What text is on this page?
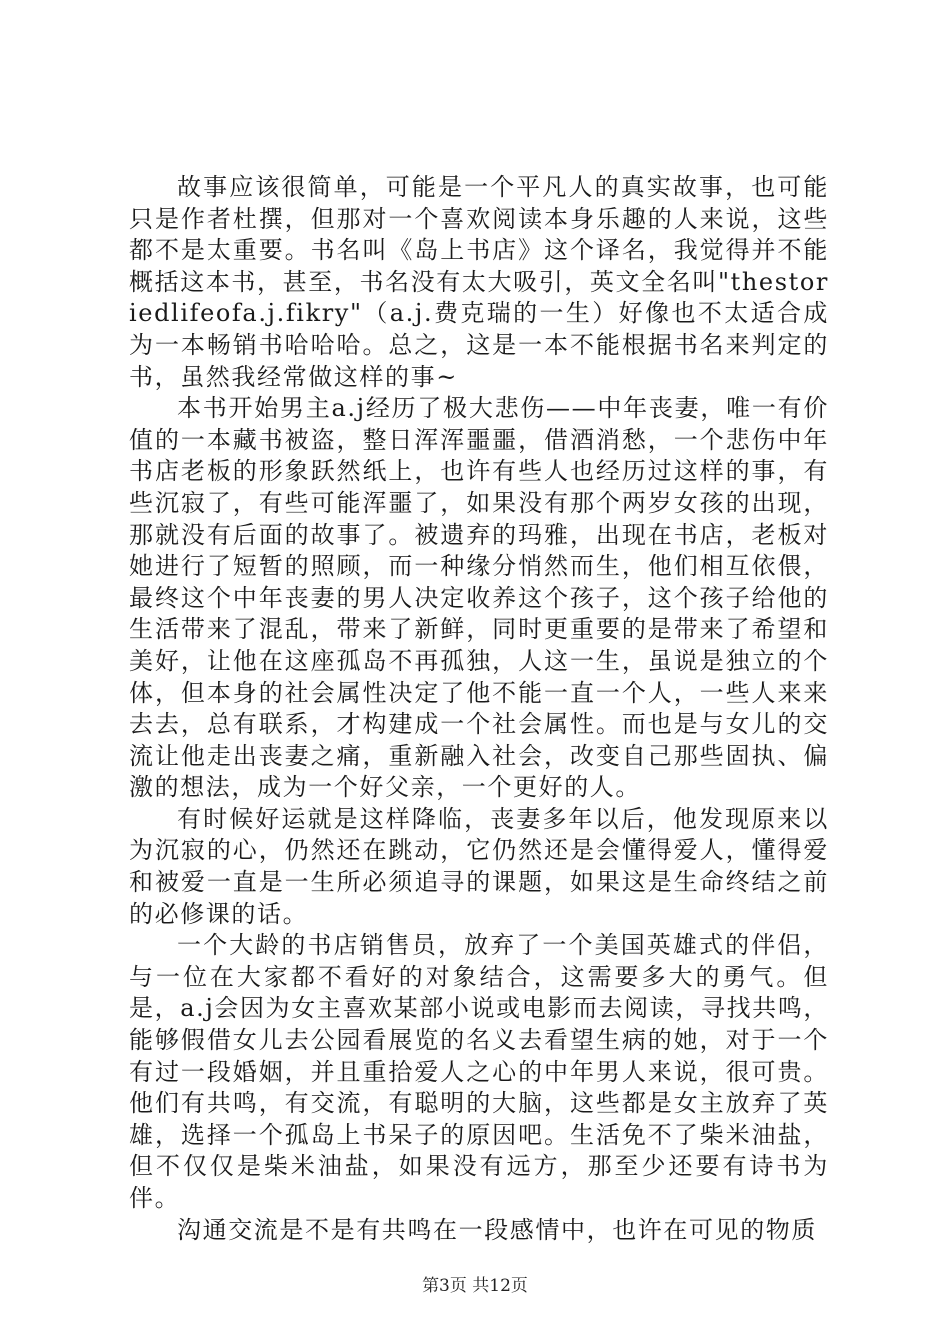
故事应该很简单，可能是一个平凡人的真实故事，也可能只是作者杜撰，但那对一个喜欢阅读本身乐趣的人来说，这些都不是太重要。书名叫《岛上书店》这个译名，我觉得并不能概括这本书，甚至，书名没有太大吸引，英文全名叫"thestoriedlifeofa.j.fikry"（a.j.费克瑞的一生）好像也不太适合成为一本畅销书哈哈哈。总之，这是一本不能根据书名来判定的书，虽然我经常做这样的事~

本书开始男主a.j经历了极大悲伤——中年丧妻，唯一有价值的一本藏书被盗，整日浑浑噩噩，借酒消愁，一个悲伤中年书店老板的形象跃然纸上，也许有些人也经历过这样的事，有些沉寂了，有些可能浑噩了，如果没有那个两岁女孩的出现，那就没有后面的故事了。被遗弃的玛雅，出现在书店，老板对她进行了短暂的照顾，而一种缘分悄然而生，他们相互依偎，最终这个中年丧妻的男人决定收养这个孩子，这个孩子给他的生活带来了混乱，带来了新鲜，同时更重要的是带来了希望和美好，让他在这座孤岛不再孤独，人这一生，虽说是独立的个体，但本身的社会属性决定了他不能一直一个人，一些人来来去去，总有联系，才构建成一个社会属性。而也是与女儿的交流让他走出丧妻之痛，重新融入社会，改变自己那些固执、偏激的想法，成为一个好父亲，一个更好的人。

有时候好运就是这样降临，丧妻多年以后，他发现原来以为沉寂的心，仍然还在跳动，它仍然还是会懂得爱人，懂得爱和被爱一直是一生所必须追寻的课题，如果这是生命终结之前的必修课的话。

一个大龄的书店销售员，放弃了一个美国英雄式的伴侣，与一位在大家都不看好的对象结合，这需要多大的勇气。但是，a.j会因为女主喜欢某部小说或电影而去阅读，寻找共鸣，能够假借女儿去公园看展览的名义去看望生病的她，对于一个有过一段婚姻，并且重拾爱人之心的中年男人来说，很可贵。他们有共鸣，有交流，有聪明的大脑，这些都是女主放弃了英雄，选择一个孤岛上书呆子的原因吧。生活免不了柴米油盐，但不仅仅是柴米油盐，如果没有远方，那至少还要有诗书为伴。

沟通交流是不是有共鸣在一段感情中，也许在可见的物质

第3页 共12页
